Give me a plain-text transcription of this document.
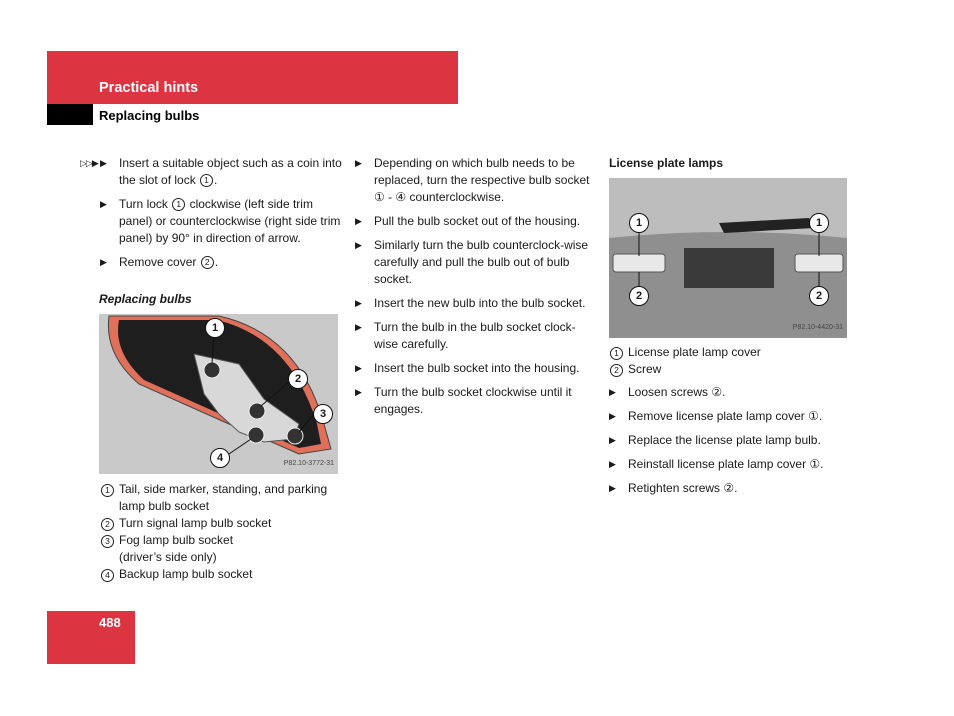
Practical hints
Replacing bulbs
▷▷▶ ▶ Insert a suitable object such as a coin into the slot of lock 1 .
▶ Turn lock 1 clockwise (left side trim panel) or counterclockwise (right side trim panel) by 90° in direction of arrow.
▶ Remove cover 2 .
Replacing bulbs
1
2
3
4	P82.10-3772-31
1 Tail, side marker, standing, and parking lamp bulb socket
2 Turn signal lamp bulb socket
3 Fog lamp bulb socket (driver’s side only)
4 Backup lamp bulb socket
▶ Depending on which bulb needs to be replaced, turn the respective bulb socket ① - ④ counterclockwise.
▶ Pull the bulb socket out of the housing.
▶ Similarly turn the bulb counterclock-wise carefully and pull the bulb out of bulb socket.
▶ Insert the new bulb into the bulb socket.
▶ Turn the bulb in the bulb socket clock-wise carefully.
▶ Insert the bulb socket into the housing.
▶ Turn the bulb socket clockwise until it engages.
License plate lamps
1	1
2	2
P82.10-4420-31
1 License plate lamp cover
2 Screw
▶ Loosen screws ②.
▶ Remove license plate lamp cover ①.
▶ Replace the license plate lamp bulb.
▶ Reinstall license plate lamp cover ①.
▶ Retighten screws ②.
488
